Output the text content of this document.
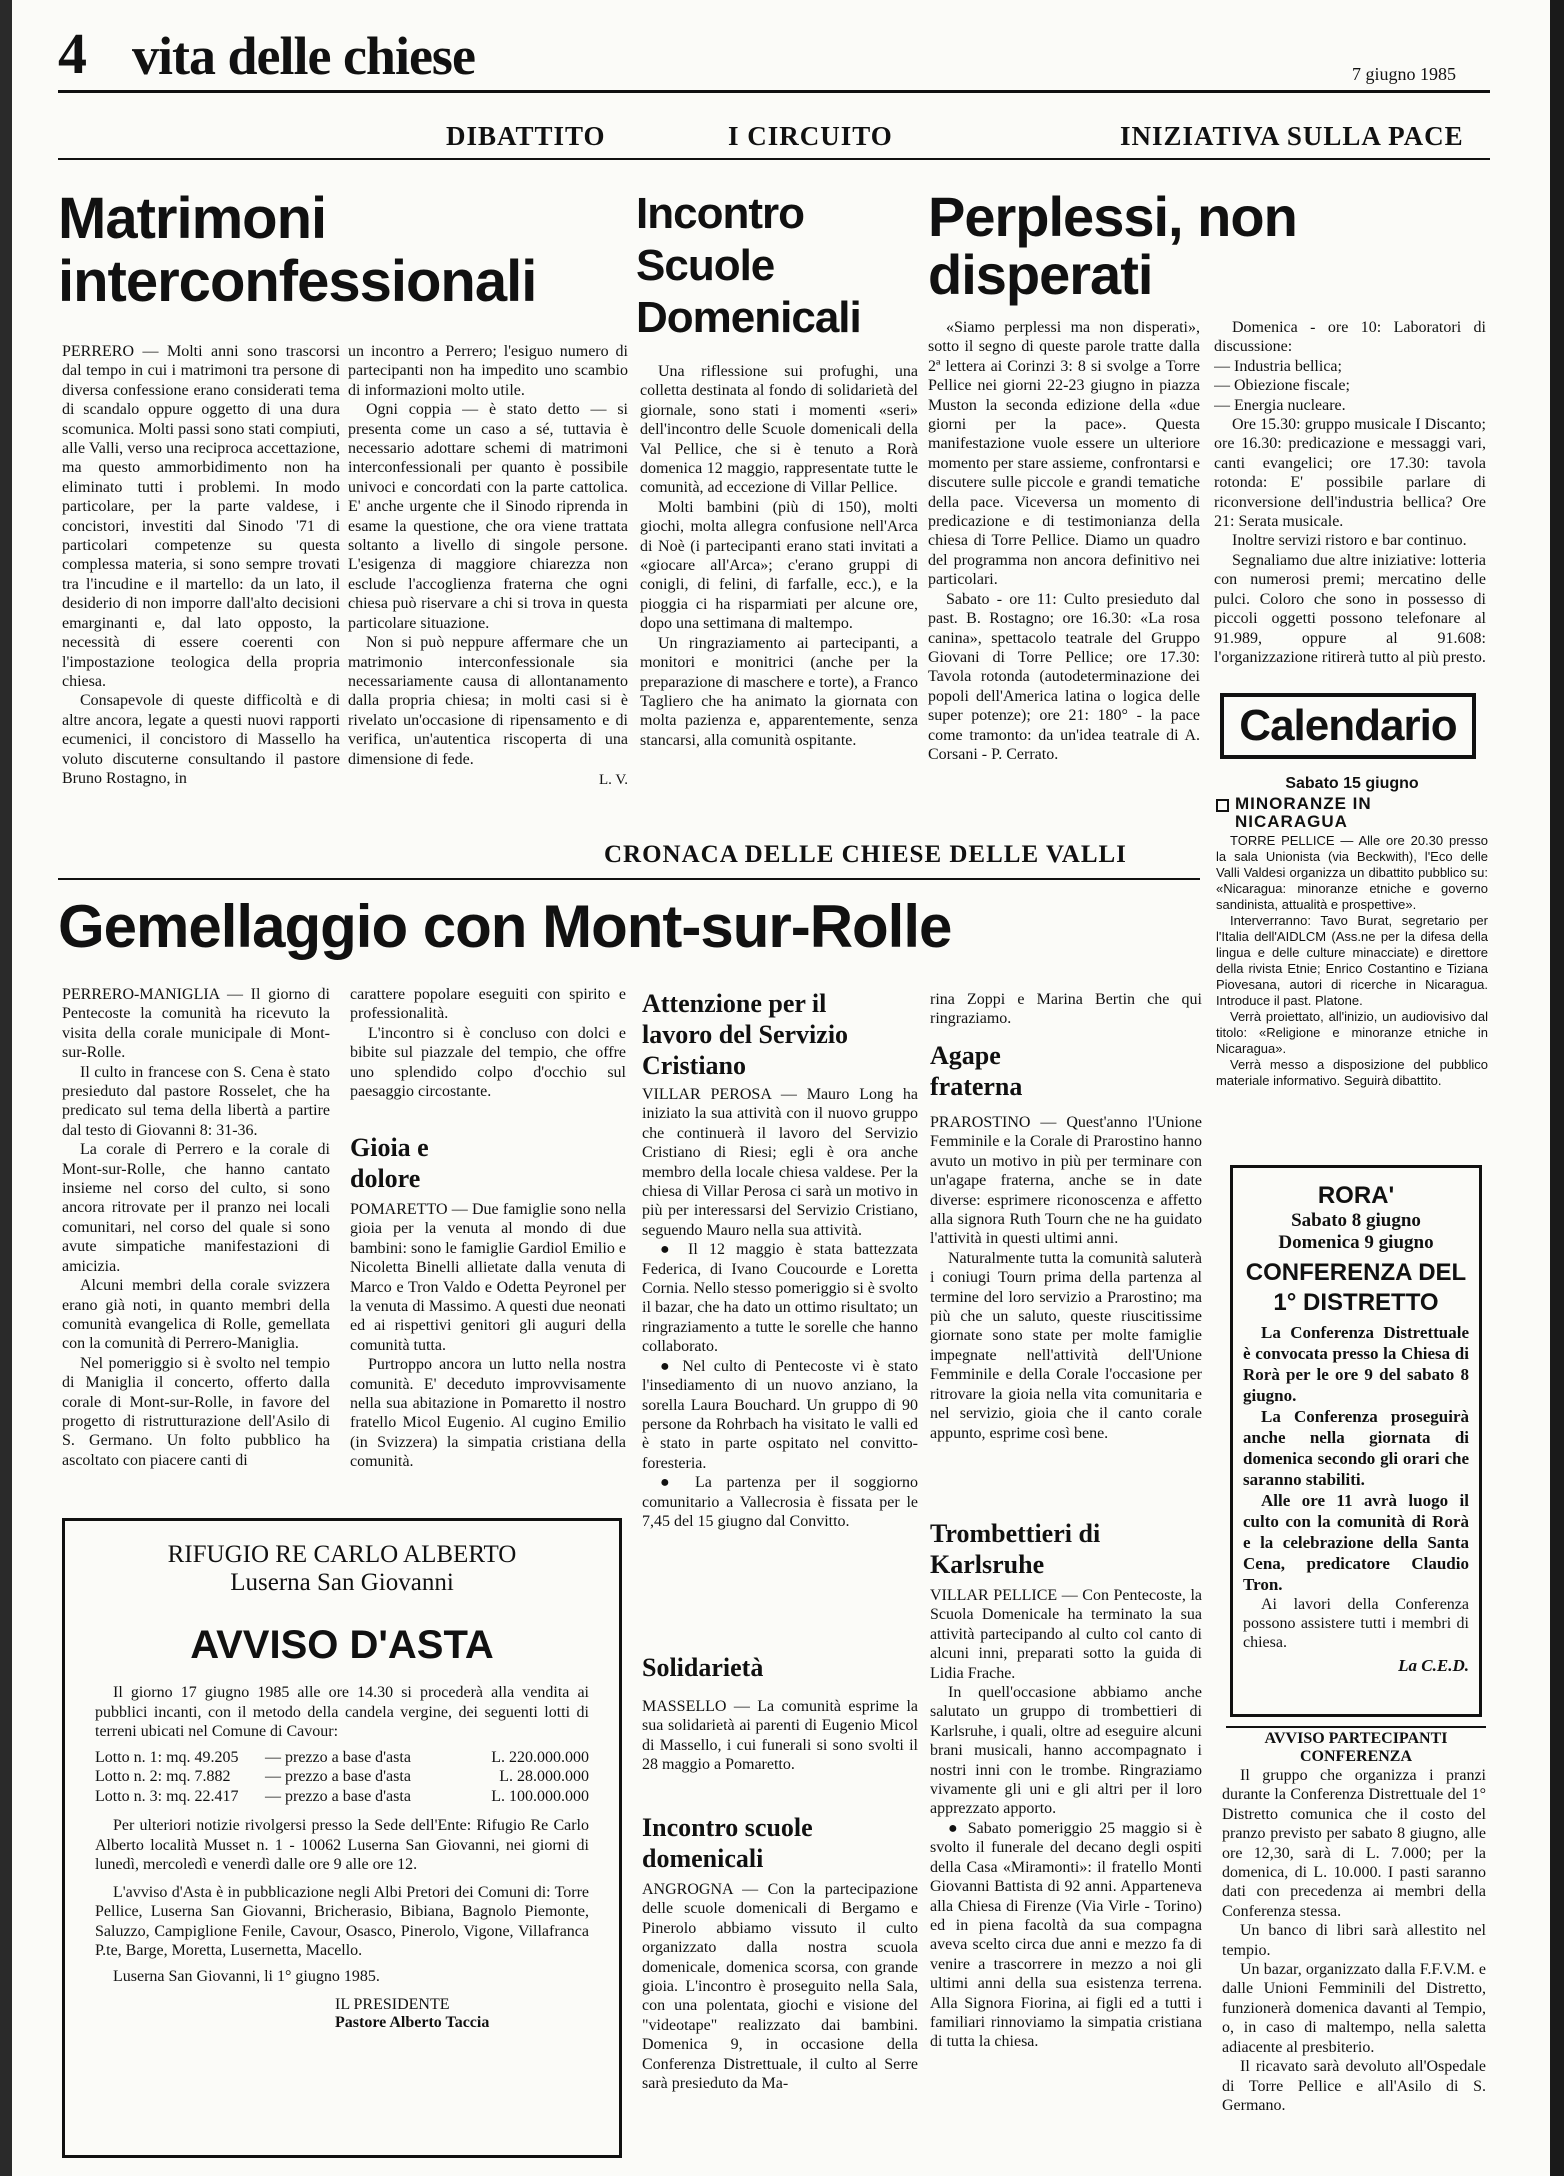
4 vita delle chiese	7 giugno 1985
DIBATTITO	I CIRCUITO	INIZIATIVA SULLA PACE
Matrimoni interconfessionali

PERRERO — Molti anni sono trascorsi dal tempo in cui i matrimoni tra persone di diversa confessione erano considerati tema di scandalo oppure oggetto di una dura scomunica. Molti passi sono stati compiuti, alle Valli, verso una reciproca accettazione, ma questo ammorbidimento non ha eliminato tutti i problemi. In modo particolare, per la parte valdese, i concistori, investiti dal Sinodo '71 di particolari competenze su questa complessa materia, si sono sempre trovati tra l'incudine e il martello: da un lato, il desiderio di non imporre dall'alto decisioni emarginanti e, dal lato opposto, la necessità di essere coerenti con l'impostazione teologica della propria chiesa.

Consapevole di queste difficoltà e di altre ancora, legate a questi nuovi rapporti ecumenici, il concistoro di Massello ha voluto discuterne consultando il pastore Bruno Rostagno, in

un incontro a Perrero; l'esiguo numero di partecipanti non ha impedito uno scambio di informazioni molto utile.

Ogni coppia — è stato detto — si presenta come un caso a sé, tuttavia è necessario adottare schemi di matrimoni interconfessionali per quanto è possibile univoci e concordati con la parte cattolica. E' anche urgente che il Sinodo riprenda in esame la questione, che ora viene trattata soltanto a livello di singole persone. L'esigenza di maggiore chiarezza non esclude l'accoglienza fraterna che ogni chiesa può riservare a chi si trova in questa particolare situazione.

Non si può neppure affermare che un matrimonio interconfessionale sia necessariamente causa di allontanamento dalla propria chiesa; in molti casi si è rivelato un'occasione di ripensamento e di verifica, un'autentica riscoperta di una dimensione di fede.

L. V.
Incontro Scuole Domenicali

Una riflessione sui profughi, una colletta destinata al fondo di solidarietà del giornale, sono stati i momenti «seri» dell'incontro delle Scuole domenicali della Val Pellice, che si è tenuto a Rorà domenica 12 maggio, rappresentate tutte le comunità, ad eccezione di Villar Pellice.

Molti bambini (più di 150), molti giochi, molta allegra confusione nell'Arca di Noè (i partecipanti erano stati invitati a «giocare all'Arca»; c'erano gruppi di conigli, di felini, di farfalle, ecc.), e la pioggia ci ha risparmiati per alcune ore, dopo una settimana di maltempo.

Un ringraziamento ai partecipanti, a monitori e monitrici (anche per la preparazione di maschere e torte), a Franco Tagliero che ha animato la giornata con molta pazienza e, apparentemente, senza stancarsi, alla comunità ospitante.

Perplessi, non disperati

«Siamo perplessi ma non disperati», sotto il segno di queste parole tratte dalla 2ª lettera ai Corinzi 3: 8 si svolge a Torre Pellice nei giorni 22-23 giugno in piazza Muston la seconda edizione della «due giorni per la pace». Questa manifestazione vuole essere un ulteriore momento per stare assieme, confrontarsi e discutere sulle piccole e grandi tematiche della pace. Viceversa un momento di predicazione e di testimonianza della chiesa di Torre Pellice. Diamo un quadro del programma non ancora definitivo nei particolari.

Sabato - ore 11: Culto presieduto dal past. B. Rostagno; ore 16.30: «La rosa canina», spettacolo teatrale del Gruppo Giovani di Torre Pellice; ore 17.30: Tavola rotonda (autodeterminazione dei popoli dell'America latina o logica delle super potenze); ore 21: 180° - la pace come tramonto: da un'idea teatrale di A. Corsani - P. Cerrato.

Domenica - ore 10: Laboratori di discussione:

— Industria bellica;
— Obiezione fiscale;
— Energia nucleare.

Ore 15.30: gruppo musicale I Discanto; ore 16.30: predicazione e messaggi vari, canti evangelici; ore 17.30: tavola rotonda: E' possibile parlare di riconversione dell'industria bellica? Ore 21: Serata musicale.

Inoltre servizi ristoro e bar continuo.

Segnaliamo due altre iniziative: lotteria con numerosi premi; mercatino delle pulci. Coloro che sono in possesso di piccoli oggetti possono telefonare al 91.989, oppure al 91.608: l'organizzazione ritirerà tutto al più presto.

Calendario
Sabato 15 giugno
MINORANZE IN NICARAGUA

TORRE PELLICE — Alle ore 20.30 presso la sala Unionista (via Beckwith), l'Eco delle Valli Valdesi organizza un dibattito pubblico su: «Nicaragua: minoranze etniche e governo sandinista, attualità e prospettive».

Interverranno: Tavo Burat, segretario per l'Italia dell'AIDLCM (Ass.ne per la difesa della lingua e delle culture minacciate) e direttore della rivista Etnie; Enrico Costantino e Tiziana Piovesana, autori di ricerche in Nicaragua. Introduce il past. Platone.

Verrà proiettato, all'inizio, un audiovisivo dal titolo: «Religione e minoranze etniche in Nicaragua».

Verrà messo a disposizione del pubblico materiale informativo. Seguirà dibattito.

CRONACA DELLE CHIESE DELLE VALLI
Gemellaggio con Mont-sur-Rolle

PERRERO-MANIGLIA — Il giorno di Pentecoste la comunità ha ricevuto la visita della corale municipale di Mont-sur-Rolle.

Il culto in francese con S. Cena è stato presieduto dal pastore Rosselet, che ha predicato sul tema della libertà a partire dal testo di Giovanni 8: 31-36.

La corale di Perrero e la corale di Mont-sur-Rolle, che hanno cantato insieme nel corso del culto, si sono ancora ritrovate per il pranzo nei locali comunitari, nel corso del quale si sono avute simpatiche manifestazioni di amicizia.

Alcuni membri della corale svizzera erano già noti, in quanto membri della comunità evangelica di Rolle, gemellata con la comunità di Perrero-Maniglia.

Nel pomeriggio si è svolto nel tempio di Maniglia il concerto, offerto dalla corale di Mont-sur-Rolle, in favore del progetto di ristrutturazione dell'Asilo di S. Germano. Un folto pubblico ha ascoltato con piacere canti di

carattere popolare eseguiti con spirito e professionalità.

L'incontro si è concluso con dolci e bibite sul piazzale del tempio, che offre uno splendido colpo d'occhio sul paesaggio circostante.

Gioia e dolore

POMARETTO — Due famiglie sono nella gioia per la venuta al mondo di due bambini: sono le famiglie Gardiol Emilio e Nicoletta Binelli allietate dalla venuta di Marco e Tron Valdo e Odetta Peyronel per la venuta di Massimo. A questi due neonati ed ai rispettivi genitori gli auguri della comunità tutta.

Purtroppo ancora un lutto nella nostra comunità. E' deceduto improvvisamente nella sua abitazione in Pomaretto il nostro fratello Micol Eugenio. Al cugino Emilio (in Svizzera) la simpatia cristiana della comunità.

Attenzione per il lavoro del Servizio Cristiano

VILLAR PEROSA — Mauro Long ha iniziato la sua attività con il nuovo gruppo che continuerà il lavoro del Servizio Cristiano di Riesi; egli è ora anche membro della locale chiesa valdese. Per la chiesa di Villar Perosa ci sarà un motivo in più per interessarsi del Servizio Cristiano, seguendo Mauro nella sua attività.

● Il 12 maggio è stata battezzata Federica, di Ivano Coucourde e Loretta Cornia. Nello stesso pomeriggio si è svolto il bazar, che ha dato un ottimo risultato; un ringraziamento a tutte le sorelle che hanno collaborato.

● Nel culto di Pentecoste vi è stato l'insediamento di un nuovo anziano, la sorella Laura Bouchard. Un gruppo di 90 persone da Rohrbach ha visitato le valli ed è stato in parte ospitato nel convitto-foresteria.

● La partenza per il soggiorno comunitario a Vallecrosia è fissata per le 7,45 del 15 giugno dal Convitto.

Solidarietà

MASSELLO — La comunità esprime la sua solidarietà ai parenti di Eugenio Micol di Massello, i cui funerali si sono svolti il 28 maggio a Pomaretto.

Incontro scuole domenicali

ANGROGNA — Con la partecipazione delle scuole domenicali di Bergamo e Pinerolo abbiamo vissuto il culto organizzato dalla nostra scuola domenicale, domenica scorsa, con grande gioia. L'incontro è proseguito nella Sala, con una polentata, giochi e visione del "videotape" realizzato dai bambini. Domenica 9, in occasione della Conferenza Distrettuale, il culto al Serre sarà presieduto da Ma-

rina Zoppi e Marina Bertin che qui ringraziamo.

Agape fraterna

PRAROSTINO — Quest'anno l'Unione Femminile e la Corale di Prarostino hanno avuto un motivo in più per terminare con un'agape fraterna, anche se in date diverse: esprimere riconoscenza e affetto alla signora Ruth Tourn che ne ha guidato l'attività in questi ultimi anni.

Naturalmente tutta la comunità saluterà i coniugi Tourn prima della partenza al termine del loro servizio a Prarostino; ma più che un saluto, queste riuscitissime giornate sono state per molte famiglie impegnate nell'attività dell'Unione Femminile e della Corale l'occasione per ritrovare la gioia nella vita comunitaria e nel servizio, gioia che il canto corale appunto, esprime così bene.

Trombettieri di Karlsruhe

VILLAR PELLICE — Con Pentecoste, la Scuola Domenicale ha terminato la sua attività partecipando al culto col canto di alcuni inni, preparati sotto la guida di Lidia Frache.

In quell'occasione abbiamo anche salutato un gruppo di trombettieri di Karlsruhe, i quali, oltre ad eseguire alcuni brani musicali, hanno accompagnato i nostri inni con le trombe. Ringraziamo vivamente gli uni e gli altri per il loro apprezzato apporto.

● Sabato pomeriggio 25 maggio si è svolto il funerale del decano degli ospiti della Casa «Miramonti»: il fratello Monti Giovanni Battista di 92 anni. Apparteneva alla Chiesa di Firenze (Via Virle - Torino) ed in piena facoltà da sua compagna aveva scelto circa due anni e mezzo fa di venire a trascorrere in mezzo a noi gli ultimi anni della sua esistenza terrena. Alla Signora Fiorina, ai figli ed a tutti i familiari rinnoviamo la simpatia cristiana di tutta la chiesa.

RORA'
Sabato 8 giugno
Domenica 9 giugno
CONFERENZA DEL 1° DISTRETTO

La Conferenza Distrettuale è convocata presso la Chiesa di Rorà per le ore 9 del sabato 8 giugno.

La Conferenza proseguirà anche nella giornata di domenica secondo gli orari che saranno stabiliti.

Alle ore 11 avrà luogo il culto con la comunità di Rorà e la celebrazione della Santa Cena, predicatore Claudio Tron.

Ai lavori della Conferenza possono assistere tutti i membri di chiesa.

La C.E.D.
AVVISO PARTECIPANTI CONFERENZA

Il gruppo che organizza i pranzi durante la Conferenza Distrettuale del 1° Distretto comunica che il costo del pranzo previsto per sabato 8 giugno, alle ore 12,30, sarà di L. 7.000; per la domenica, di L. 10.000. I pasti saranno dati con precedenza ai membri della Conferenza stessa.

Un banco di libri sarà allestito nel tempio.

Un bazar, organizzato dalla F.F.V.M. e dalle Unioni Femminili del Distretto, funzionerà domenica davanti al Tempio, o, in caso di maltempo, nella saletta adiacente al presbiterio.

Il ricavato sarà devoluto all'Ospedale di Torre Pellice e all'Asilo di S. Germano.

RIFUGIO RE CARLO ALBERTO
Luserna San Giovanni
AVVISO D'ASTA

Il giorno 17 giugno 1985 alle ore 14.30 si procederà alla vendita ai pubblici incanti, con il metodo della candela vergine, dei seguenti lotti di terreni ubicati nel Comune di Cavour:

Lotto n. 1: mq. 49.205	— prezzo a base d'asta	L. 220.000.000
Lotto n. 2: mq. 7.882	— prezzo a base d'asta	L. 28.000.000
Lotto n. 3: mq. 22.417	— prezzo a base d'asta	L. 100.000.000

Per ulteriori notizie rivolgersi presso la Sede dell'Ente: Rifugio Re Carlo Alberto località Musset n. 1 - 10062 Luserna San Giovanni, nei giorni di lunedì, mercoledì e venerdì dalle ore 9 alle ore 12.

L'avviso d'Asta è in pubblicazione negli Albi Pretori dei Comuni di: Torre Pellice, Luserna San Giovanni, Bricherasio, Bibiana, Bagnolo Piemonte, Saluzzo, Campiglione Fenile, Cavour, Osasco, Pinerolo, Vigone, Villafranca P.te, Barge, Moretta, Lusernetta, Macello.

Luserna San Giovanni, li 1° giugno 1985.

IL PRESIDENTE
Pastore Alberto Taccia
